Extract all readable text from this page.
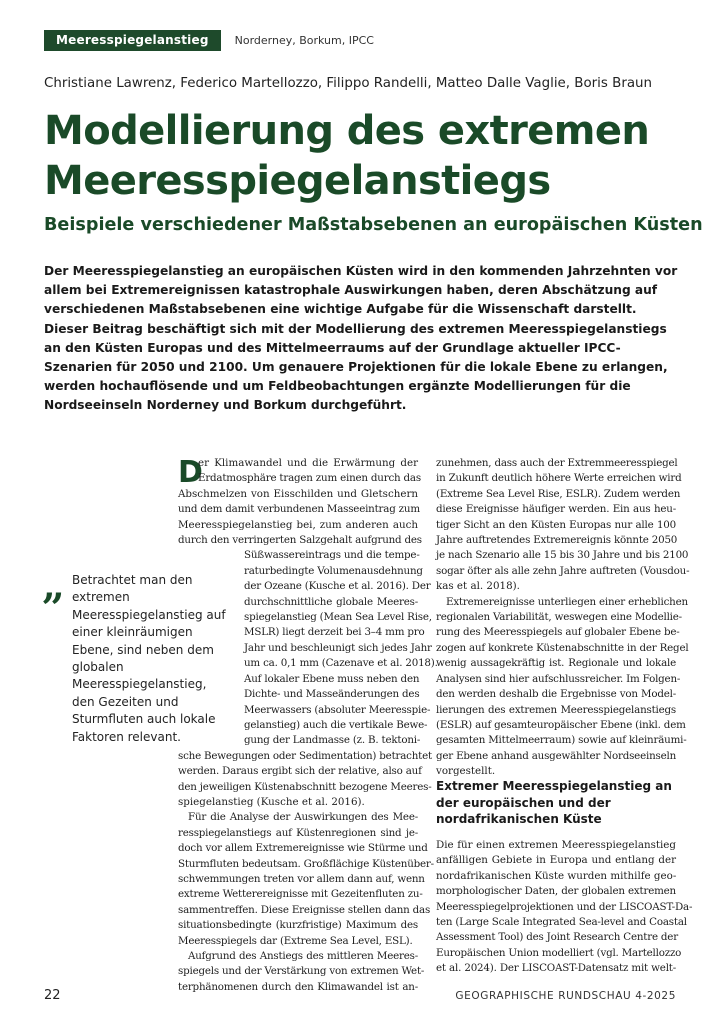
Meeresspiegelanstieg	Norderney, Borkum, IPCC
Christiane Lawrenz, Federico Martellozzo, Filippo Randelli, Matteo Dalle Vaglie, Boris Braun
Modellierung des extremen
Meeresspiegelanstiegs
Beispiele verschiedener Maßstabsebenen an europäischen Küsten

Der Meeresspiegelanstieg an europäischen Küsten wird in den kommenden Jahrzehnten vor allem bei Extremereignissen katastrophale Auswirkungen haben, deren Abschätzung auf verschiedenen Maßstabsebenen eine wichtige Aufgabe für die Wissenschaft darstellt. Dieser Beitrag beschäftigt sich mit der Modellierung des extremen Meeresspiegelanstiegs an den Küsten Europas und des Mittelmeerraums auf der Grundlage aktueller IPCC-Szenarien für 2050 und 2100. Um genauere Projektionen für die lokale Ebene zu erlangen, werden hochauflösende und um Feldbeobachtungen ergänzte Modellierungen für die Nordseeinseln Norderney und Borkum durchgeführt.

„ Betrachtet man den extremen Meeresspiegelanstieg auf einer kleinräumigen Ebene, sind neben dem globalen Meeresspiegelanstieg, den Gezeiten und Sturmfluten auch lokale Faktoren relevant.

D
er Klimawandel und die Erwärmung der
Erdatmosphäre tragen zum einen durch das
Abschmelzen von Eisschilden und Gletschern
und dem damit verbundenen Masseeintrag zum
Meeresspiegelanstieg bei, zum anderen auch
durch den verringerten Salzgehalt aufgrund des
Süßwassereintrags und die tempe-
raturbedingte Volumenausdehnung
der Ozeane (Kusche et al. 2016). Der
durchschnittliche globale Meeres-
spiegelanstieg (Mean Sea Level Rise,
MSLR) liegt derzeit bei 3–4 mm pro
Jahr und beschleunigt sich jedes Jahr
um ca. 0,1 mm (Cazenave et al. 2018).
Auf lokaler Ebene muss neben den
Dichte- und Masseänderungen des
Meerwassers (absoluter Meeresspie-
gelanstieg) auch die vertikale Bewe-
gung der Landmasse (z. B. tektoni-
sche Bewegungen oder Sedimentation) betrachtet
werden. Daraus ergibt sich der relative, also auf
den jeweiligen Küstenabschnitt bezogene Meeres-
spiegelanstieg (Kusche et al. 2016).
Für die Analyse der Auswirkungen des Mee-
resspiegelanstiegs auf Küstenregionen sind je-
doch vor allem Extremereignisse wie Stürme und
Sturmfluten bedeutsam. Großflächige Küstenüber-
schwemmungen treten vor allem dann auf, wenn
extreme Wetterereignisse mit Gezeitenfluten zu-
sammentreffen. Diese Ereignisse stellen dann das
situationsbedingte (kurzfristige) Maximum des
Meeresspiegels dar (Extreme Sea Level, ESL).
Aufgrund des Anstiegs des mittleren Meeres-
spiegels und der Verstärkung von extremen Wet-
terphänomenen durch den Klimawandel ist an-
zunehmen, dass auch der Extremmeeresspiegel
in Zukunft deutlich höhere Werte erreichen wird
(Extreme Sea Level Rise, ESLR). Zudem werden
diese Ereignisse häufiger werden. Ein aus heu-
tiger Sicht an den Küsten Europas nur alle 100
Jahre auftretendes Extremereignis könnte 2050
je nach Szenario alle 15 bis 30 Jahre und bis 2100
sogar öfter als alle zehn Jahre auftreten (Vousdou-
kas et al. 2018).
Extremereignisse unterliegen einer erheblichen
regionalen Variabilität, weswegen eine Modellie-
rung des Meeresspiegels auf globaler Ebene be-
zogen auf konkrete Küstenabschnitte in der Regel
wenig aussagekräftig ist. Regionale und lokale
Analysen sind hier aufschlussreicher. Im Folgen-
den werden deshalb die Ergebnisse von Model-
lierungen des extremen Meeresspiegelanstiegs
(ESLR) auf gesamteuropäischer Ebene (inkl. dem
gesamten Mittelmeerraum) sowie auf kleinräumi-
ger Ebene anhand ausgewählter Nordseeinseln
vorgestellt.
Extremer Meeresspiegelanstieg an der europäischen und der nordafrikanischen Küste
Die für einen extremen Meeresspiegelanstieg
anfälligen Gebiete in Europa und entlang der
nordafrikanischen Küste wurden mithilfe geo-
morphologischer Daten, der globalen extremen
Meeresspiegelprojektionen und der LISCOAST-Da-
ten (Large Scale Integrated Sea-level and Coastal
Assessment Tool) des Joint Research Centre der
Europäischen Union modelliert (vgl. Martellozzo
et al. 2024). Der LISCOAST-Datensatz mit welt-
22	GEOGRAPHISCHE RUNDSCHAU 4-2025
